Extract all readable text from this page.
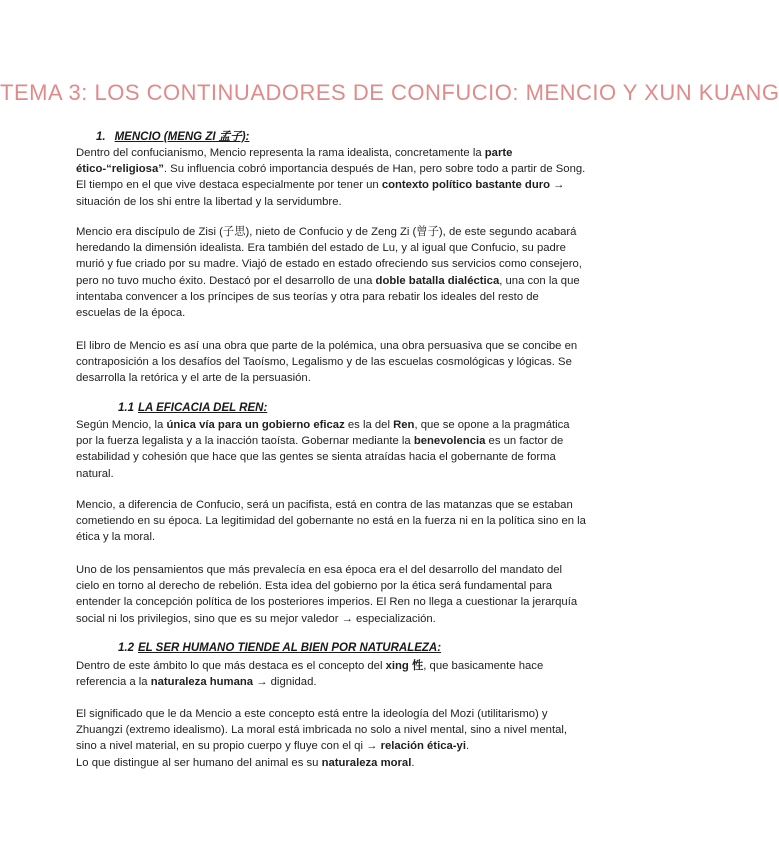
TEMA 3: LOS CONTINUADORES DE CONFUCIO: MENCIO Y XUN KUANG
1. MENCIO (MENG ZI 孟子):

Dentro del confucianismo, Mencio representa la rama idealista, concretamente la parte ético-“religiosa”. Su influencia cobró importancia después de Han, pero sobre todo a partir de Song. El tiempo en el que vive destaca especialmente por tener un contexto político bastante duro → situación de los shi entre la libertad y la servidumbre.

Mencio era discípulo de Zisi (子思), nieto de Confucio y de Zeng Zi (曾子), de este segundo acabará heredando la dimensión idealista. Era también del estado de Lu, y al igual que Confucio, su padre murió y fue criado por su madre. Viajó de estado en estado ofreciendo sus servicios como consejero, pero no tuvo mucho éxito. Destacó por el desarrollo de una doble batalla dialéctica, una con la que intentaba convencer a los príncipes de sus teorías y otra para rebatir los ideales del resto de escuelas de la época.

El libro de Mencio es así una obra que parte de la polémica, una obra persuasiva que se concibe en contraposición a los desafíos del Taoísmo, Legalismo y de las escuelas cosmológicas y lógicas. Se desarrolla la retórica y el arte de la persuasión.

1.1 LA EFICACIA DEL REN:

Según Mencio, la única vía para un gobierno eficaz es la del Ren, que se opone a la pragmática por la fuerza legalista y a la inacción taoísta. Gobernar mediante la benevolencia es un factor de estabilidad y cohesión que hace que las gentes se sienta atraídas hacia el gobernante de forma natural.

Mencio, a diferencia de Confucio, será un pacifista, está en contra de las matanzas que se estaban cometiendo en su época. La legitimidad del gobernante no está en la fuerza ni en la política sino en la ética y la moral.

Uno de los pensamientos que más prevalecía en esa época era el del desarrollo del mandato del cielo en torno al derecho de rebelión. Esta idea del gobierno por la ética será fundamental para entender la concepción política de los posteriores imperios. El Ren no llega a cuestionar la jerarquía social ni los privilegios, sino que es su mejor valedor → especialización.

1.2 EL SER HUMANO TIENDE AL BIEN POR NATURALEZA:

Dentro de este ámbito lo que más destaca es el concepto del xing 性, que basicamente hace referencia a la naturaleza humana → dignidad.

El significado que le da Mencio a este concepto está entre la ideología del Mozi (utilitarismo) y Zhuangzi (extremo idealismo). La moral está imbricada no solo a nivel mental, sino a nivel mental, sino a nivel material, en su propio cuerpo y fluye con el qi → relación ética-yi.

Lo que distingue al ser humano del animal es su naturaleza moral.
